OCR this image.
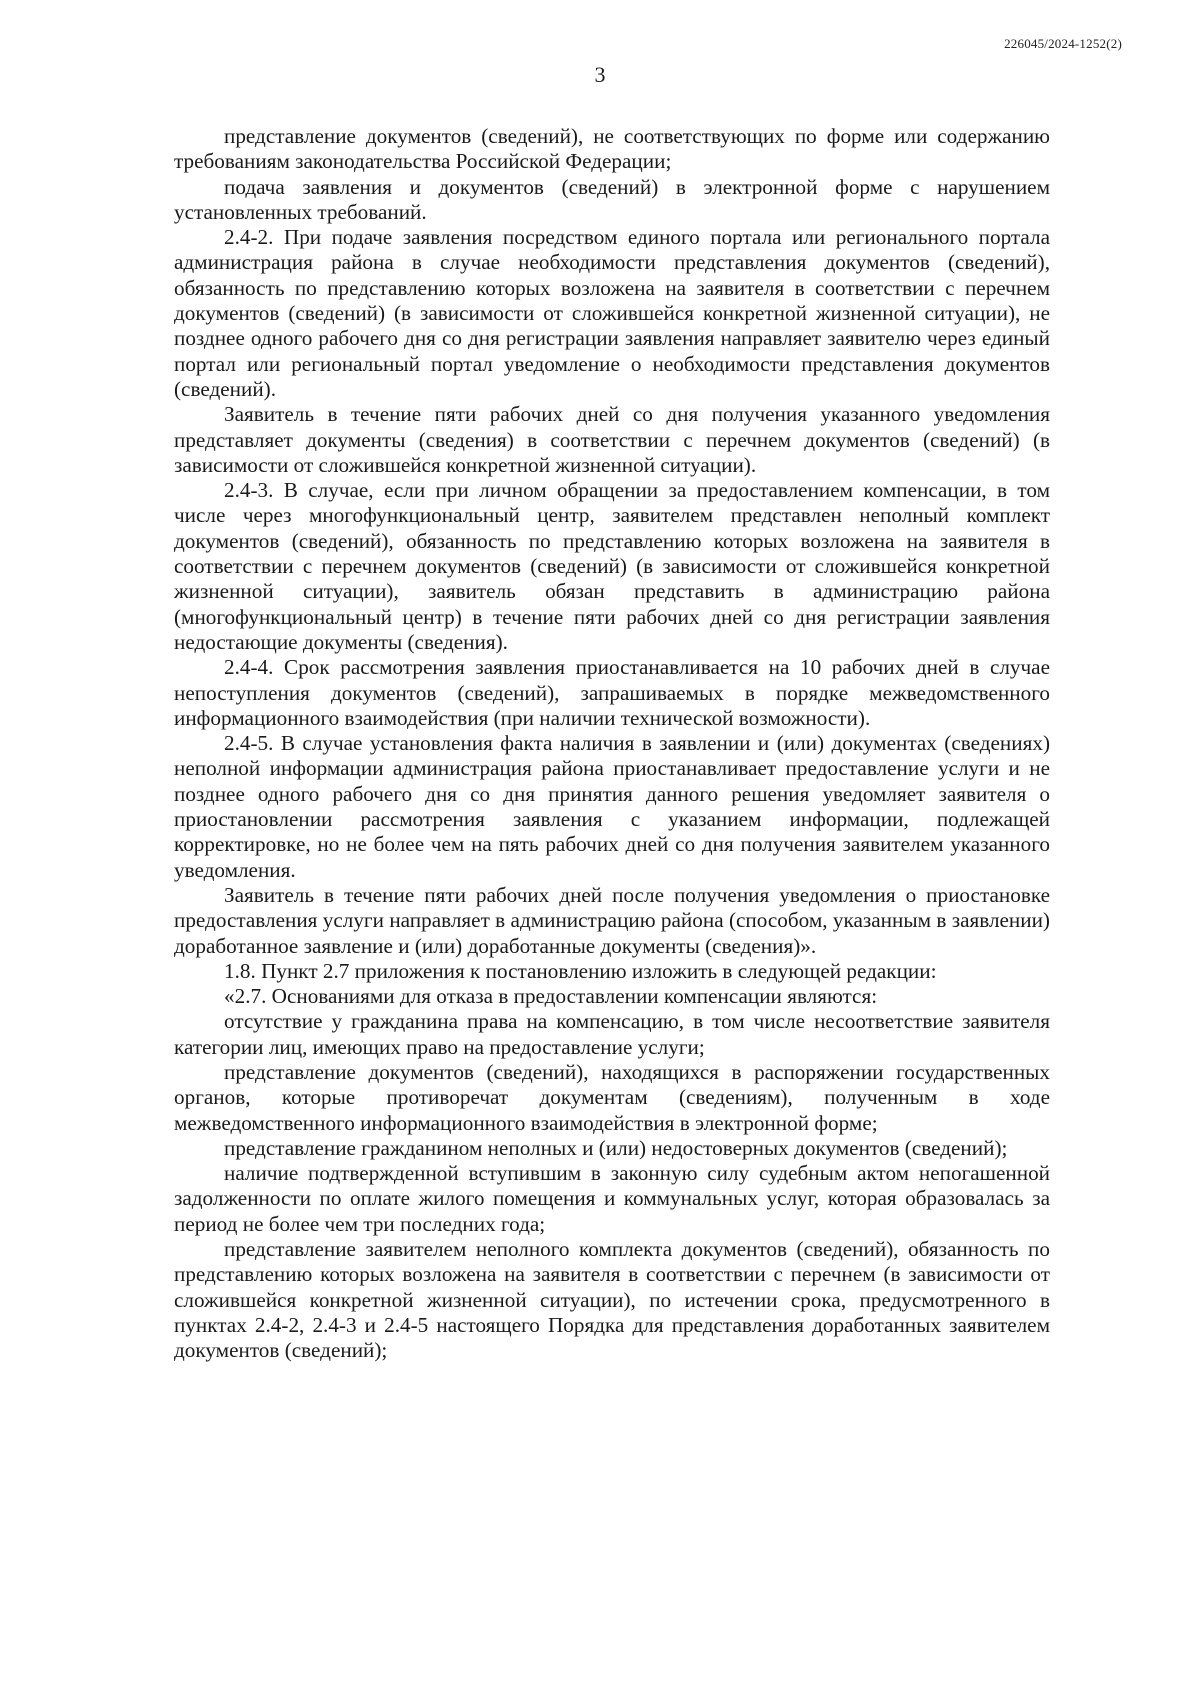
226045/2024-1252(2)
3

представление документов (сведений), не соответствующих по форме или содержанию требованиям законодательства Российской Федерации;

подача заявления и документов (сведений) в электронной форме с нарушением установленных требований.

2.4-2. При подаче заявления посредством единого портала или регионального портала администрация района в случае необходимости представления документов (сведений), обязанность по представлению которых возложена на заявителя в соответствии с перечнем документов (сведений) (в зависимости от сложившейся конкретной жизненной ситуации), не позднее одного рабочего дня со дня регистрации заявления направляет заявителю через единый портал или региональный портал уведомление о необходимости представления документов (сведений).

Заявитель в течение пяти рабочих дней со дня получения указанного уведомления представляет документы (сведения) в соответствии с перечнем документов (сведений) (в зависимости от сложившейся конкретной жизненной ситуации).

2.4-3. В случае, если при личном обращении за предоставлением компенсации, в том числе через многофункциональный центр, заявителем представлен неполный комплект документов (сведений), обязанность по представлению которых возложена на заявителя в соответствии с перечнем документов (сведений) (в зависимости от сложившейся конкретной жизненной ситуации), заявитель обязан представить в администрацию района (многофункциональный центр) в течение пяти рабочих дней со дня регистрации заявления недостающие документы (сведения).

2.4-4. Срок рассмотрения заявления приостанавливается на 10 рабочих дней в случае непоступления документов (сведений), запрашиваемых в порядке межведомственного информационного взаимодействия (при наличии технической возможности).

2.4-5. В случае установления факта наличия в заявлении и (или) документах (сведениях) неполной информации администрация района приостанавливает предоставление услуги и не позднее одного рабочего дня со дня принятия данного решения уведомляет заявителя о приостановлении рассмотрения заявления с указанием информации, подлежащей корректировке, но не более чем на пять рабочих дней со дня получения заявителем указанного уведомления.

Заявитель в течение пяти рабочих дней после получения уведомления о приостановке предоставления услуги направляет в администрацию района (способом, указанным в заявлении) доработанное заявление и (или) доработанные документы (сведения)».

1.8. Пункт 2.7 приложения к постановлению изложить в следующей редакции:

«2.7. Основаниями для отказа в предоставлении компенсации являются:

отсутствие у гражданина права на компенсацию, в том числе несоответствие заявителя категории лиц, имеющих право на предоставление услуги;

представление документов (сведений), находящихся в распоряжении государственных органов, которые противоречат документам (сведениям), полученным в ходе межведомственного информационного взаимодействия в электронной форме;

представление гражданином неполных и (или) недостоверных документов (сведений);

наличие подтвержденной вступившим в законную силу судебным актом непогашенной задолженности по оплате жилого помещения и коммунальных услуг, которая образовалась за период не более чем три последних года;

представление заявителем неполного комплекта документов (сведений), обязанность по представлению которых возложена на заявителя в соответствии с перечнем (в зависимости от сложившейся конкретной жизненной ситуации), по истечении срока, предусмотренного в пунктах 2.4-2, 2.4-3 и 2.4-5 настоящего Порядка для представления доработанных заявителем документов (сведений);
